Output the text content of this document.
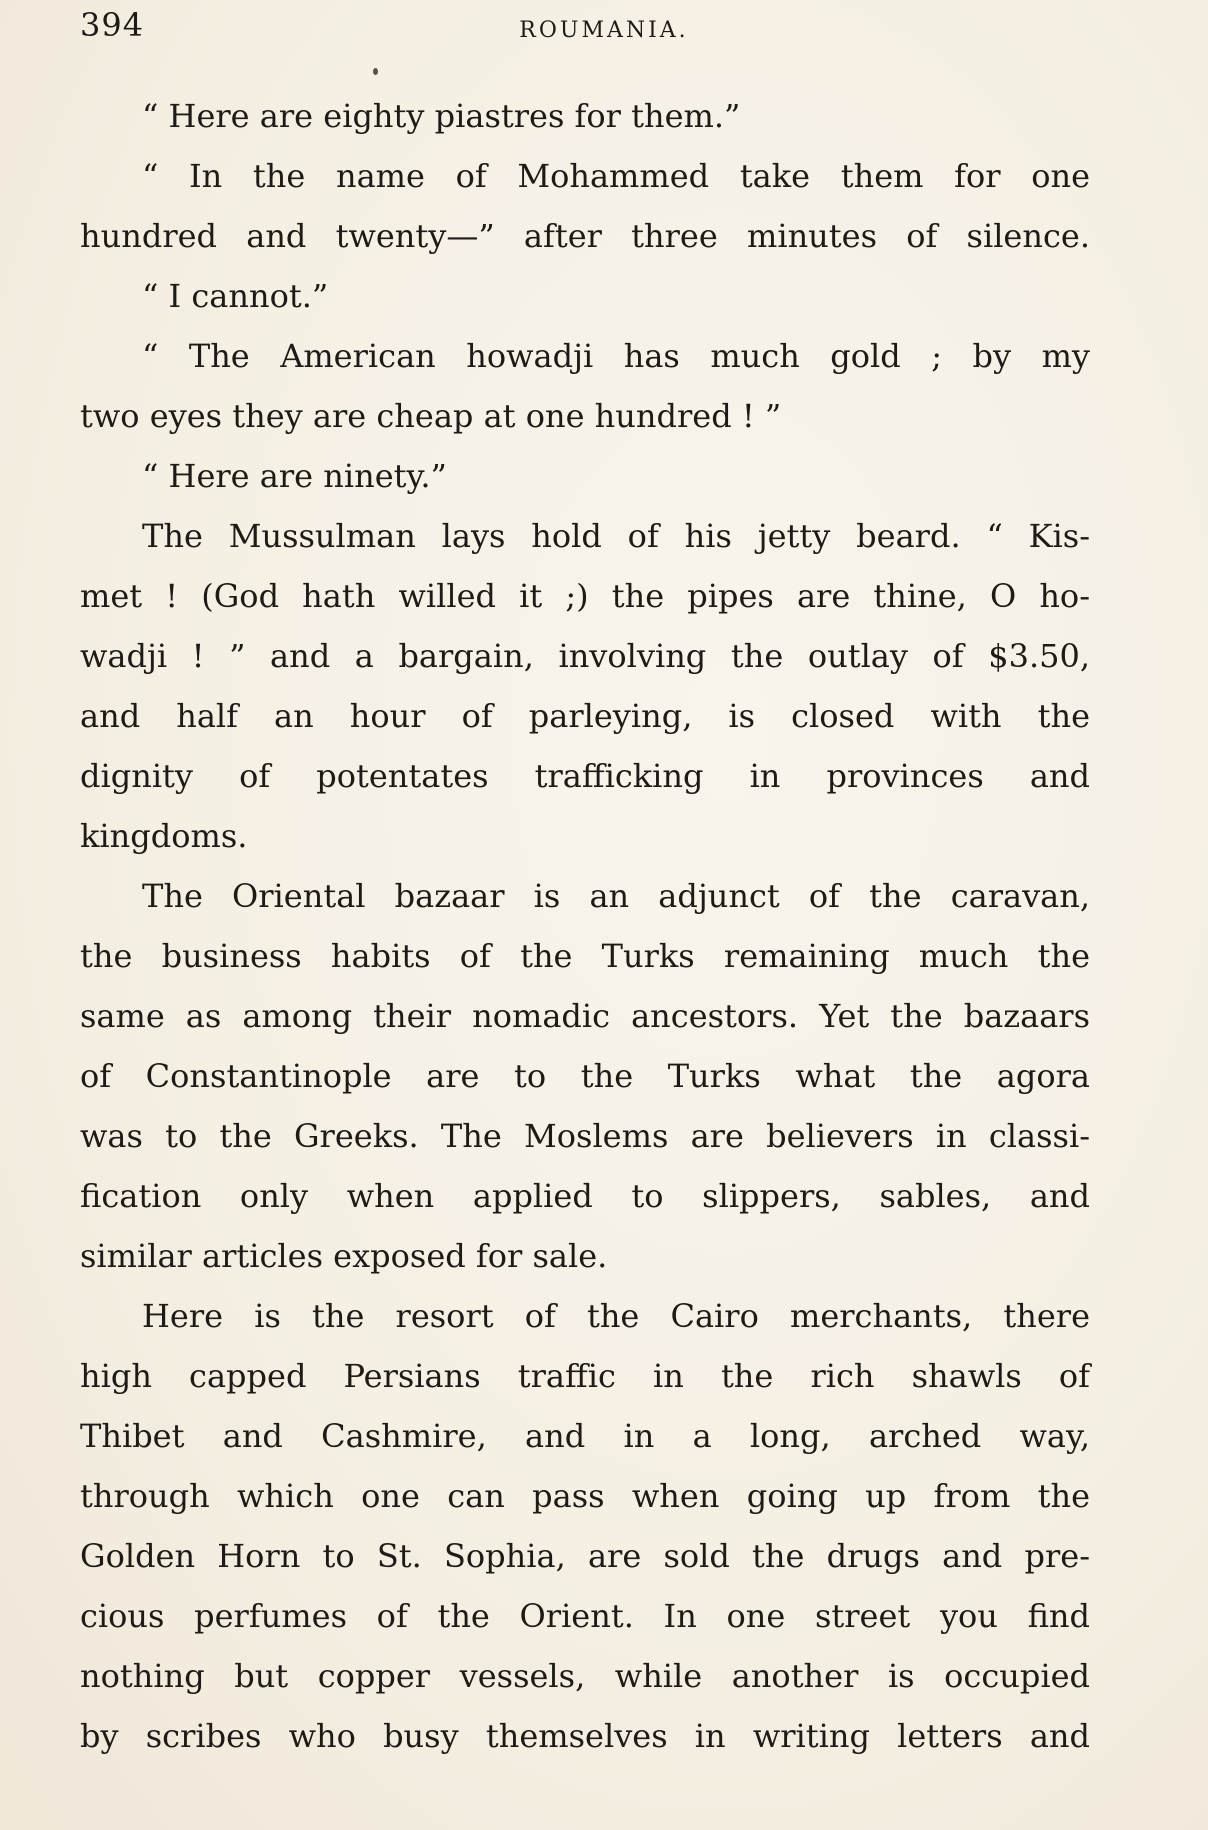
394	ROUMANIA.
“ Here are eighty piastres for them.”
“ In the name of Mohammed take them for one
hundred and twenty—” after three minutes of silence.
“ I cannot.”
“ The American howadji has much gold ; by my
two eyes they are cheap at one hundred ! ”
“ Here are ninety.”
The Mussulman lays hold of his jetty beard. “ Kis-
met ! (God hath willed it ;) the pipes are thine, O ho-
wadji ! ” and a bargain, involving the outlay of $3.50,
and half an hour of parleying, is closed with the
dignity of potentates trafficking in provinces and
kingdoms.
The Oriental bazaar is an adjunct of the caravan,
the business habits of the Turks remaining much the
same as among their nomadic ancestors. Yet the bazaars
of Constantinople are to the Turks what the agora
was to the Greeks. The Moslems are believers in classi-
fication only when applied to slippers, sables, and
similar articles exposed for sale.
Here is the resort of the Cairo merchants, there
high capped Persians traffic in the rich shawls of
Thibet and Cashmire, and in a long, arched way,
through which one can pass when going up from the
Golden Horn to St. Sophia, are sold the drugs and pre-
cious perfumes of the Orient. In one street you find
nothing but copper vessels, while another is occupied
by scribes who busy themselves in writing letters and
